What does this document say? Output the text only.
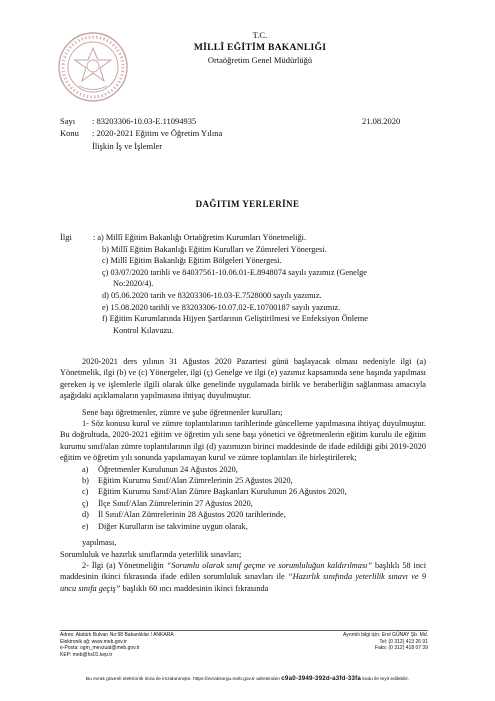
T.C.
MİLLÎ EĞİTİM BAKANLIĞI
Ortaöğretim Genel Müdürlüğü
Sayı : 83203306-10.03-E.11094935	21.08.2020
Konu : 2020-2021 Eğitim ve Öğretim Yılına
İlişkin İş ve İşlemler
DAĞITIM YERLERİNE
İlgi	: a) Millî Eğitim Bakanlığı Ortaöğretim Kurumları Yönetmeliği.

b) Millî Eğitim Bakanlığı Eğitim Kurulları ve Zümreleri Yönergesi.

c) Millî Eğitim Bakanlığı Eğitim Bölgeleri Yönergesi.

ç) 03/07/2020 tarihli ve 84037561-10.06.01-E.8948074 sayılı yazımız (Genelge

No:2020/4).

d) 05.06.2020 tarih ve 83203306-10.03-E.7528000 sayılı yazımız.

e) 15.08.2020 tarihli ve 83203306-10.07.02-E.10700187 sayılı yazımız.

f) Eğitim Kurumlarında Hijyen Şartlarının Geliştirilmesi ve Enfeksiyon Önleme

Kontrol Kılavuzu.

2020-2021 ders yılının 31 Ağustos 2020 Pazartesi günü başlayacak olması nedeniyle ilgi (a) Yönetmelik, ilgi (b) ve (c) Yönergeler, ilgi (ç) Genelge ve ilgi (e) yazımız kapsamında sene başında yapılması gereken iş ve işlemlerle ilgili olarak ülke genelinde uygulamada birlik ve beraberliğin sağlanması amacıyla aşağıdaki açıklamaların yapılmasına ihtiyaç duyulmuştur.

Sene başı öğretmenler, zümre ve şube öğretmenler kurulları;

1- Söz konusu kurul ve zümre toplantılarının tarihlerinde güncelleme yapılmasına ihtiyaç duyulmuştur. Bu doğrultuda, 2020-2021 eğitim ve öğretim yılı sene başı yönetici ve öğretmenlerin eğitim kurulu ile eğitim kurumu sınıf/alan zümre toplantılarının ilgi (d) yazımızın birinci maddesinde de ifade edildiği gibi 2019-2020 eğitim ve öğretim yılı sonunda yapılamayan kurul ve zümre toplantıları ile birleştirilerek;

a) Öğretmenler Kurulunun 24 Ağustos 2020,

b) Eğitim Kurumu Sınıf/Alan Zümrelerinin 25 Ağustos 2020,

c) Eğitim Kurumu Sınıf/Alan Zümre Başkanları Kurulunun 26 Ağustos 2020,

ç) İlçe Sınıf/Alan Zümrelerinin 27 Ağustos 2020,

d) İl Sınıf/Alan Zümrelerinin 28 Ağustos 2020 tarihlerinde,

e) Diğer Kurulların ise takvimine uygun olarak,

yapılması,

Sorumluluk ve hazırlık sınıflarında yeterlilik sınavları;

2- İlgi (a) Yönetmeliğin “Sorumlu olarak sınıf geçme ve sorumluluğun kaldırılması” başlıklı 58 inci maddesinin ikinci fıkrasında ifade edilen sorumluluk sınavları ile “Hazırlık sınıfında yeterlilik sınavı ve 9 uncu sınıfa geçiş” başlıklı 60 ıncı maddesinin ikinci fıkrasında

Adres: Atatürk Bulvarı No:98 Bakanlıklar / ANKARA
Elektronik ağ: www.meb.gov.tr
e-Posta: ogm_mevzuat@meb.gov.tr
KEP: meb@hs01.kep.tr
Ayrıntılı bilgi için: Erol GÜNAY Şb. Md.
Tel: (0 312) 413 26 91
Faks: (0 312) 418 07 39
Bu evrak güvenli elektronik imza ile imzalanmıştır. https://evraksorgu.meb.gov.tr adresinden c9a0-3949-392d-a3fd-33fa kodu ile teyit edilebilir.
